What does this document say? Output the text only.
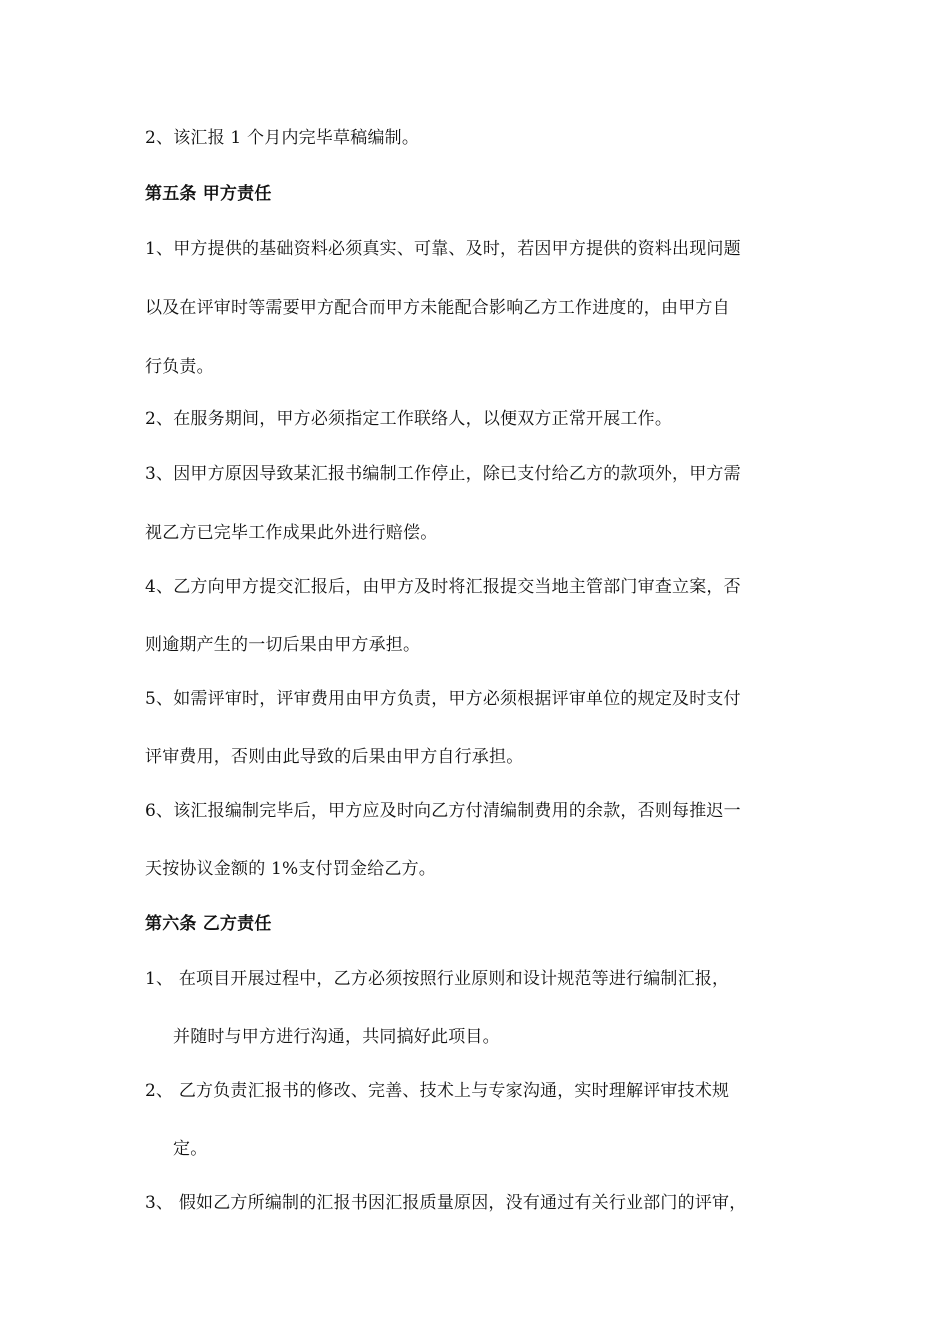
2、该汇报 1 个月内完毕草稿编制。
第五条 甲方责任
1、甲方提供的基础资料必须真实、可靠、及时，若因甲方提供的资料出现问题
以及在评审时等需要甲方配合而甲方未能配合影响乙方工作进度的，由甲方自
行负责。
2、在服务期间，甲方必须指定工作联络人，以便双方正常开展工作。
3、因甲方原因导致某汇报书编制工作停止，除已支付给乙方的款项外，甲方需
视乙方已完毕工作成果此外进行赔偿。
4、乙方向甲方提交汇报后，由甲方及时将汇报提交当地主管部门审查立案，否
则逾期产生的一切后果由甲方承担。
5、如需评审时，评审费用由甲方负责，甲方必须根据评审单位的规定及时支付
评审费用，否则由此导致的后果由甲方自行承担。
6、该汇报编制完毕后，甲方应及时向乙方付清编制费用的余款，否则每推迟一
天按协议金额的 1%支付罚金给乙方。
第六条 乙方责任
1、 在项目开展过程中，乙方必须按照行业原则和设计规范等进行编制汇报，
并随时与甲方进行沟通，共同搞好此项目。
2、 乙方负责汇报书的修改、完善、技术上与专家沟通，实时理解评审技术规
定。
3、 假如乙方所编制的汇报书因汇报质量原因，没有通过有关行业部门的评审，
